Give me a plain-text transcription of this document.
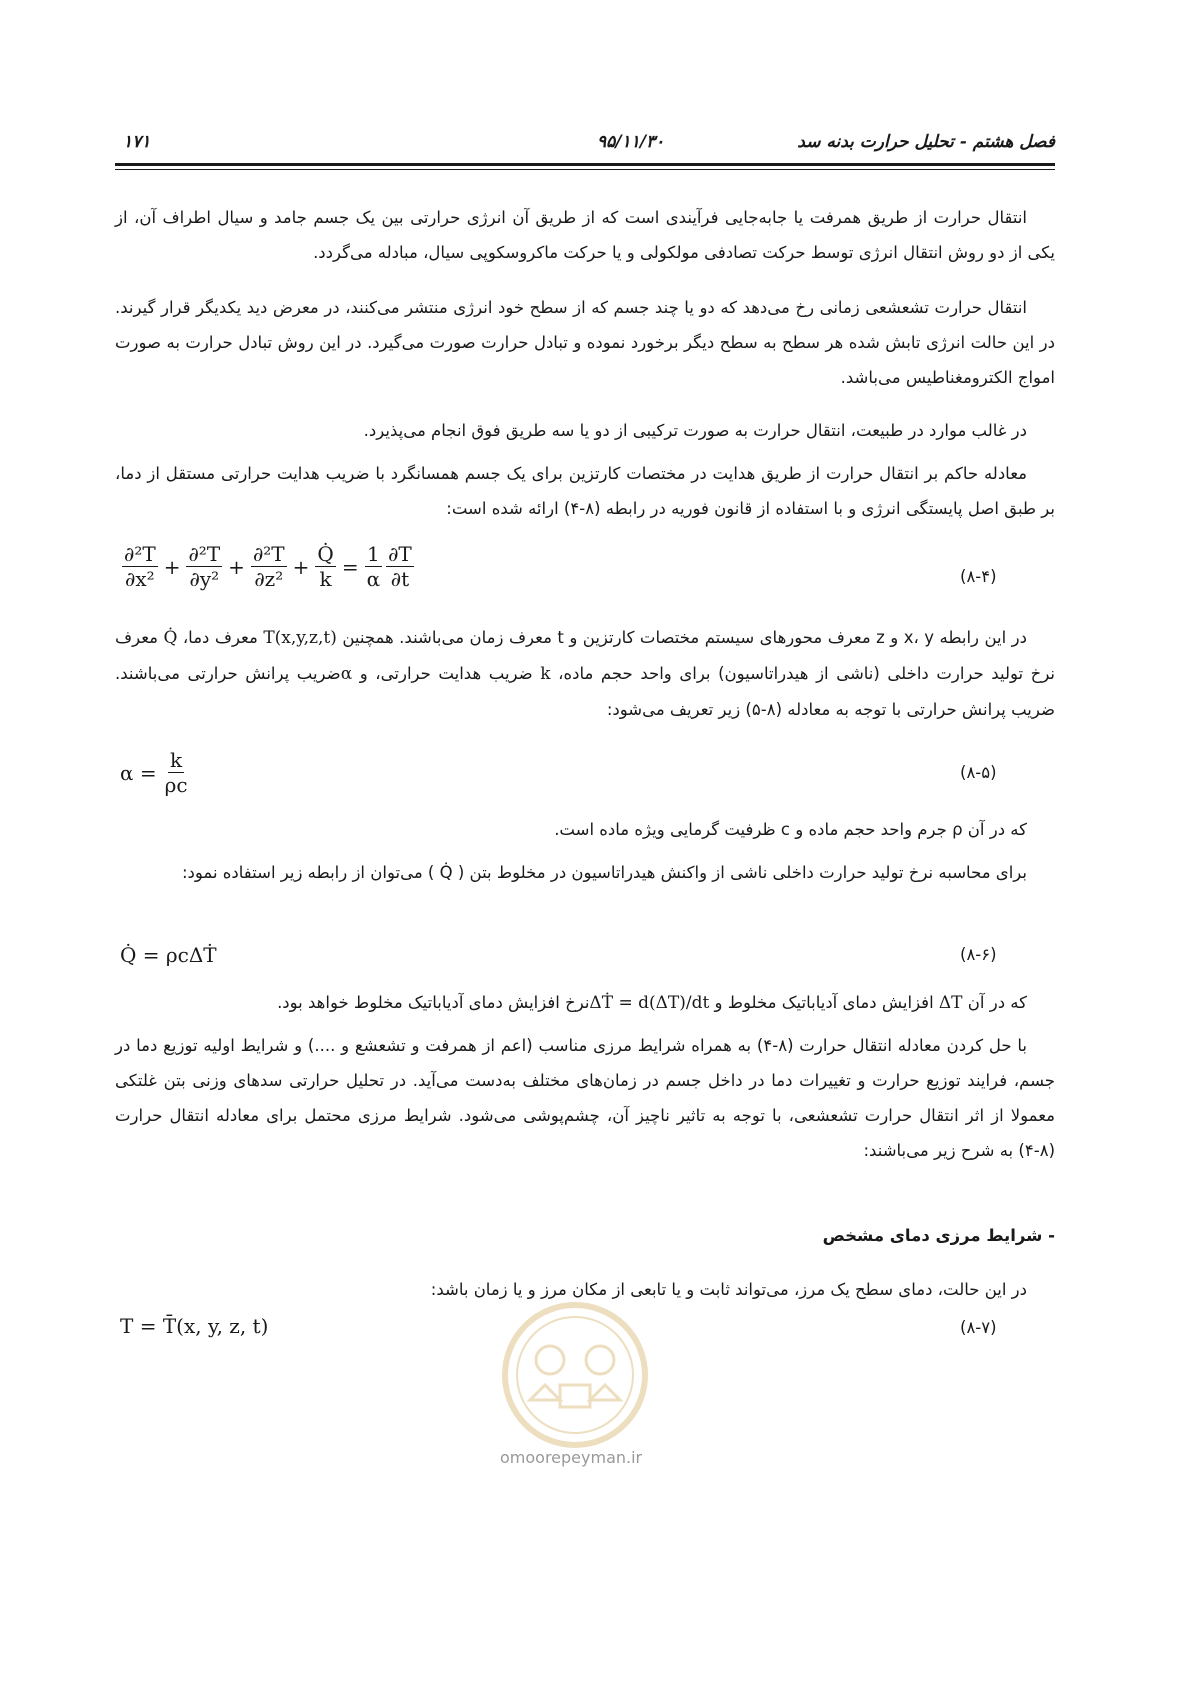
فصل هشتم - تحلیل حرارت بدنه سد
۹۵/۱۱/۳۰
۱۷۱
انتقال حرارت از طریق همرفت یا جابه‌جایی فرآیندی است که از طریق آن انرژی حرارتی بین یک جسم جامد و سیال اطراف آن، از یکی از دو روش انتقال انرژی توسط حرکت تصادفی مولکولی و یا حرکت ماکروسکوپی سیال، مبادله می‌گردد.
انتقال حرارت تشعشعی زمانی رخ می‌دهد که دو یا چند جسم که از سطح خود انرژی منتشر می‌کنند، در معرض دید یکدیگر قرار گیرند. در این حالت انرژی تابش شده هر سطح به سطح دیگر برخورد نموده و تبادل حرارت صورت می‌گیرد. در این روش تبادل حرارت به صورت امواج الکترومغناطیس می‌باشد.
در غالب موارد در طبیعت، انتقال حرارت به صورت ترکیبی از دو یا سه طریق فوق انجام می‌پذیرد.
معادله حاکم بر انتقال حرارت از طریق هدایت در مختصات کارتزین برای یک جسم همسانگرد با ضریب هدایت حرارتی مستقل از دما، بر طبق اصل پایستگی انرژی و با استفاده از قانون فوریه در رابطه (۸-۴) ارائه شده است:
$\frac{\text{∂²T}}{\text{∂x²}} + \frac{\text{∂²T}}{\text{∂y²}} + \frac{\text{∂²T}}{\text{∂z²}} + \frac{Q̇}{k} = \frac{1}{\alpha} \frac{\partial T}{\partial t}$	(۸-۴)
در این رابطه x، y و z معرف محورهای سیستم مختصات کارتزین و t معرف زمان می‌باشند. همچنین T(x,y,z,t) معرف دما، Q̇ معرف نرخ تولید حرارت داخلی (ناشی از هیدراتاسیون) برای واحد حجم ماده، k ضریب هدایت حرارتی، و αضریب پرانش حرارتی می‌باشند. ضریب پرانش حرارتی با توجه به معادله (۸-۵) زیر تعریف می‌شود:
$\alpha = \frac{k}{\rho c}$	(۸-۵)
که در آن ρ جرم واحد حجم ماده و c ظرفیت گرمایی ویژه ماده است.
برای محاسبه نرخ تولید حرارت داخلی ناشی از واکنش هیدراتاسیون در مخلوط بتن ( Q̇ ) می‌توان از رابطه زیر استفاده نمود:
Q̇ = ρcΔṪ	(۸-۶)
که در آن ΔT افزایش دمای آدیاباتیک مخلوط و ΔṪ = d(ΔT)/dtنرخ افزایش دمای آدیاباتیک مخلوط خواهد بود.
با حل کردن معادله انتقال حرارت (۸-۴) به همراه شرایط مرزی مناسب (اعم از همرفت و تشعشع و ....) و شرایط اولیه توزیع دما در جسم، فرایند توزیع حرارت و تغییرات دما در داخل جسم در زمان‌های مختلف به‌دست می‌آید. در تحلیل حرارتی سدهای وزنی بتن غلتکی معمولا از اثر انتقال حرارت تشعشعی، با توجه به تاثیر ناچیز آن، چشم‌پوشی می‌شود. شرایط مرزی محتمل برای معادله انتقال حرارت (۸-۴) به شرح زیر می‌باشند:
- شرایط مرزی دمای مشخص
در این حالت، دمای سطح یک مرز، می‌تواند ثابت و یا تابعی از مکان مرز و یا زمان باشد:
T = T̄(x, y, z, t)	(۸-۷)
omoorepeyman.ir
